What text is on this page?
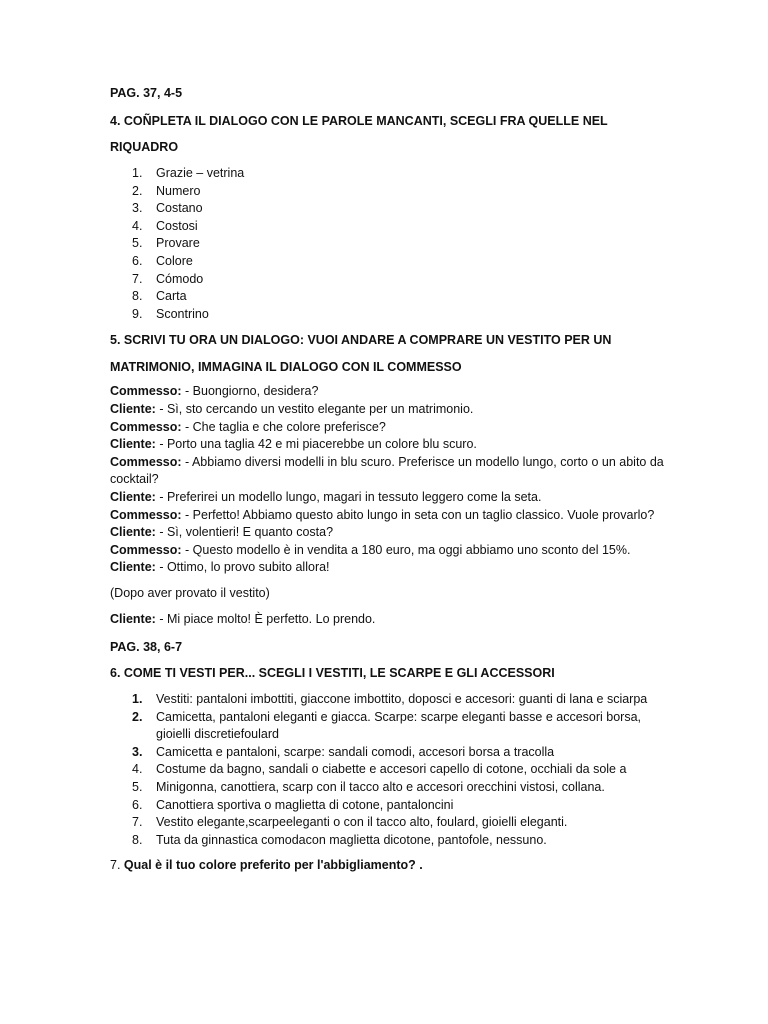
PAG. 37, 4-5
4. COÑPLETA IL DIALOGO CON LE PAROLE MANCANTI, SCEGLI FRA QUELLE NEL
RIQUADRO
1.	Grazie – vetrina
2.	Numero
3.	Costano
4.	Costosi
5.	Provare
6.	Colore
7.	Cómodo
8.	Carta
9.	Scontrino
5. SCRIVI TU ORA UN DIALOGO: VUOI ANDARE A COMPRARE UN VESTITO PER UN
MATRIMONIO, IMMAGINA IL DIALOGO CON IL COMMESSO
Commesso: - Buongiorno, desidera?
Cliente: - Sì, sto cercando un vestito elegante per un matrimonio.
Commesso: - Che taglia e che colore preferisce?
Cliente: - Porto una taglia 42 e mi piacerebbe un colore blu scuro.
Commesso: - Abbiamo diversi modelli in blu scuro. Preferisce un modello lungo, corto o un abito da cocktail?
Cliente: - Preferirei un modello lungo, magari in tessuto leggero come la seta.
Commesso: - Perfetto! Abbiamo questo abito lungo in seta con un taglio classico. Vuole provarlo?
Cliente: - Sì, volentieri! E quanto costa?
Commesso: - Questo modello è in vendita a 180 euro, ma oggi abbiamo uno sconto del 15%.
Cliente: - Ottimo, lo provo subito allora!
(Dopo aver provato il vestito)
Cliente: - Mi piace molto! È perfetto. Lo prendo.
PAG. 38, 6-7
6. COME TI VESTI PER... SCEGLI I VESTITI, LE SCARPE E GLI ACCESSORI
1.	Vestiti: pantaloni imbottiti, giaccone imbottito, doposci e accesori: guanti di lana e sciarpa
2.	Camicetta, pantaloni eleganti e giacca. Scarpe: scarpe eleganti basse e accesori borsa, gioielli discretiefoulard
3.	Camicetta e pantaloni, scarpe: sandali comodi, accesori borsa a tracolla
4.	Costume da bagno, sandali o ciabette e accesori capello di cotone, occhiali da sole a
5.	Minigonna, canottiera, scarp con il tacco alto e accesori orecchini vistosi, collana.
6.	Canottiera sportiva o maglietta di cotone, pantaloncini
7.	Vestito elegante,scarpeeleganti o con il tacco alto, foulard, gioielli eleganti.
8.	Tuta da ginnastica comodacon maglietta dicotone, pantofole, nessuno.
7. Qual è il tuo colore preferito per l'abbigliamento? .
